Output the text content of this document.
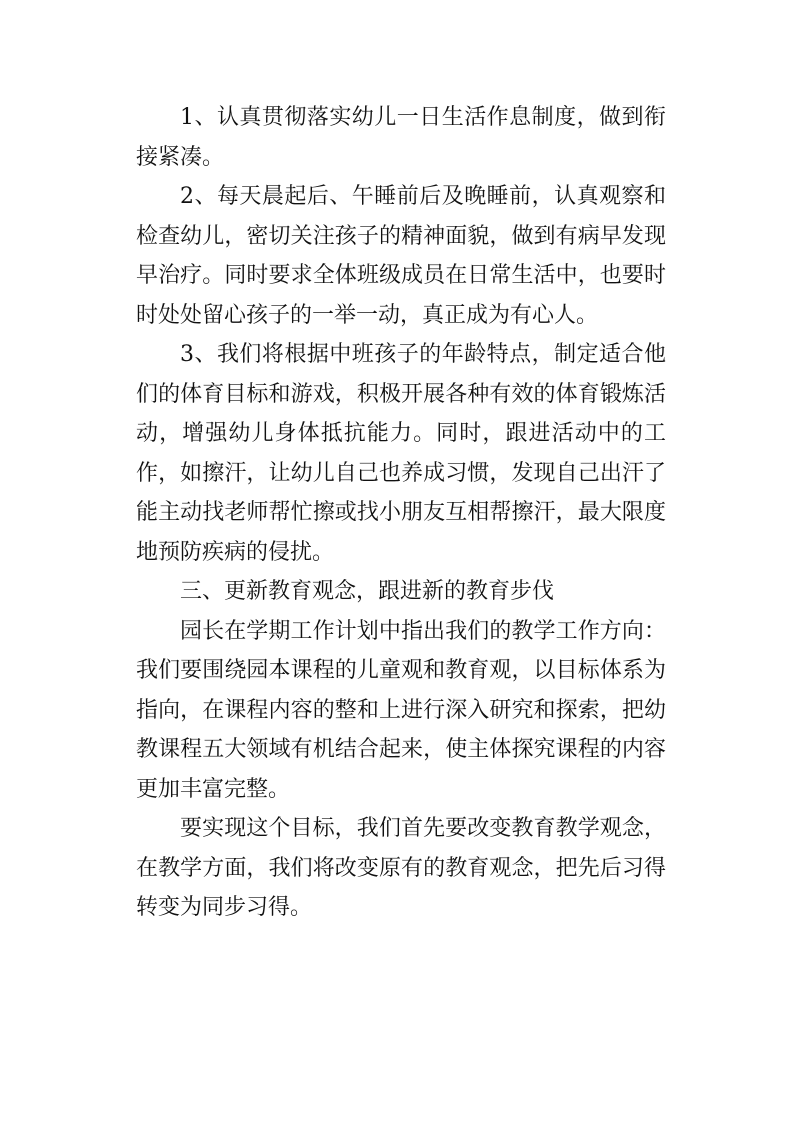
1、认真贯彻落实幼儿一日生活作息制度，做到衔接紧凑。

2、每天晨起后、午睡前后及晚睡前，认真观察和检查幼儿，密切关注孩子的精神面貌，做到有病早发现早治疗。同时要求全体班级成员在日常生活中，也要时时处处留心孩子的一举一动，真正成为有心人。

3、我们将根据中班孩子的年龄特点，制定适合他们的体育目标和游戏，积极开展各种有效的体育锻炼活动，增强幼儿身体抵抗能力。同时，跟进活动中的工作，如擦汗，让幼儿自己也养成习惯，发现自己出汗了能主动找老师帮忙擦或找小朋友互相帮擦汗，最大限度地预防疾病的侵扰。

三、更新教育观念，跟进新的教育步伐

园长在学期工作计划中指出我们的教学工作方向：我们要围绕园本课程的儿童观和教育观，以目标体系为指向，在课程内容的整和上进行深入研究和探索，把幼教课程五大领域有机结合起来，使主体探究课程的内容更加丰富完整。

要实现这个目标，我们首先要改变教育教学观念，在教学方面，我们将改变原有的教育观念，把先后习得转变为同步习得。
